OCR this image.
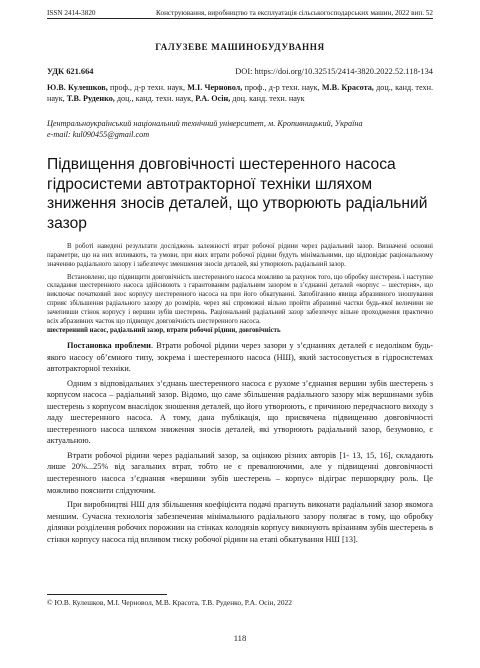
ISSN 2414-3820	Конструювання, виробництво та експлуатація сільськогосподарських машин, 2022 вип. 52
ГАЛУЗЕВЕ МАШИНОБУДУВАННЯ
УДК 621.664	DOI: https://doi.org/10.32515/2414-3820.2022.52.118-134
Ю.В. Кулешков, проф., д-р техн. наук, М.І. Черновол, проф., д-р техн. наук, М.В. Красота, доц., канд. техн. наук, Т.В. Руденко, доц., канд. техн. наук, Р.А. Осін, доц. канд. техн. наук
Центральноукраїнський національний технічний університет, м. Кропивницький, Україна
e-mail: kul090455@gmail.com
Підвищення довговічності шестеренного насоса гідросистеми автотракторної техніки шляхом зниження зносів деталей, що утворюють радіальний зазор

В роботі наведені результати досліджень залежності втрат робочої рідини через радіальний зазор. Визначені основні параметри, що на них впливають, та умови, при яких втрати робочої рідини будуть мінімальними, що відповідає раціональному значенню радіального зазору і забезпечує зменшення зносів деталей, які утворюють радіальний зазор.

Встановлено, що підвищити довговічність шестеренного насоса можливо за рахунок того, що обробку шестерень і наступне складання шестеренного насоса здійснюють з гарантованим радіальним зазором в з’єднанні деталей «корпус – шестерня», що виключає початковий знос корпусу шестеренного насоса на при його обкатуванні. Запобіганню явища абразивного зношування сприяє збільшення радіального зазору до розмірів, через які спроможні вільно пройти абразивні частки будь-якої величини не зачепивши стінок корпусу і вершин зубів шестерень. Раціональний радіальний зазор забезпечує вільне проходження практично всіх абразивних часток що підвищує довговічність шестеренного насоса.

шестеренний насос, радіальний зазор, втрати робочої рідини, довговічність

Постановка проблеми. Втрати робочої рідини через зазори у з’єднаннях деталей є недоліком будь-якого насосу об’ємного типу, зокрема і шестеренного насоса (НШ), який застосовується в гідросистемах автотракторної техніки.

Одним з відповідальних з’єднань шестеренного насоса є рухоме з’єднання вершин зубів шестерень з корпусом насоса – радіальний зазор. Відомо, що саме збільшення радіального зазору між вершинами зубів шестерень з корпусом внаслідок зношення деталей, що його утворюють, є причиною передчасного виходу з ладу шестеренного насоса. А тому, дана публікація, що присвячена підвищенню довговічності шестеренного насоса шляхом зниження зносів деталей, які утворюють радіальний зазор, безумовно, є актуальною.

Втрати робочої рідини через радіальний зазор, за оцінкою різних авторів [1- 13, 15, 16], складають лише 20%...25% від загальних втрат, тобто не є превалюючими, але у підвищенні довговічності шестеренного насоса з’єднання «вершини зубів шестерень – корпус» відіграє першорядну роль. Це можливо пояснити слідуючим.

При виробництві НШ для збільшення коефіцієнта подачі прагнуть виконати радіальний зазор якомога меншим. Сучасна технологія забезпечення мінімального радіального зазору полягає в тому, що обробку ділянки розділення робочих порожнин на стінках колодязів корпусу виконують врізанням зубів шестерень в стінки корпусу насоса під впливом тиску робочої рідини на етапі обкатування НШ [13].

© Ю.В. Кулешков, М.І. Черновол, М.В. Красота, Т.В. Руденко, Р.А. Осін, 2022
118
